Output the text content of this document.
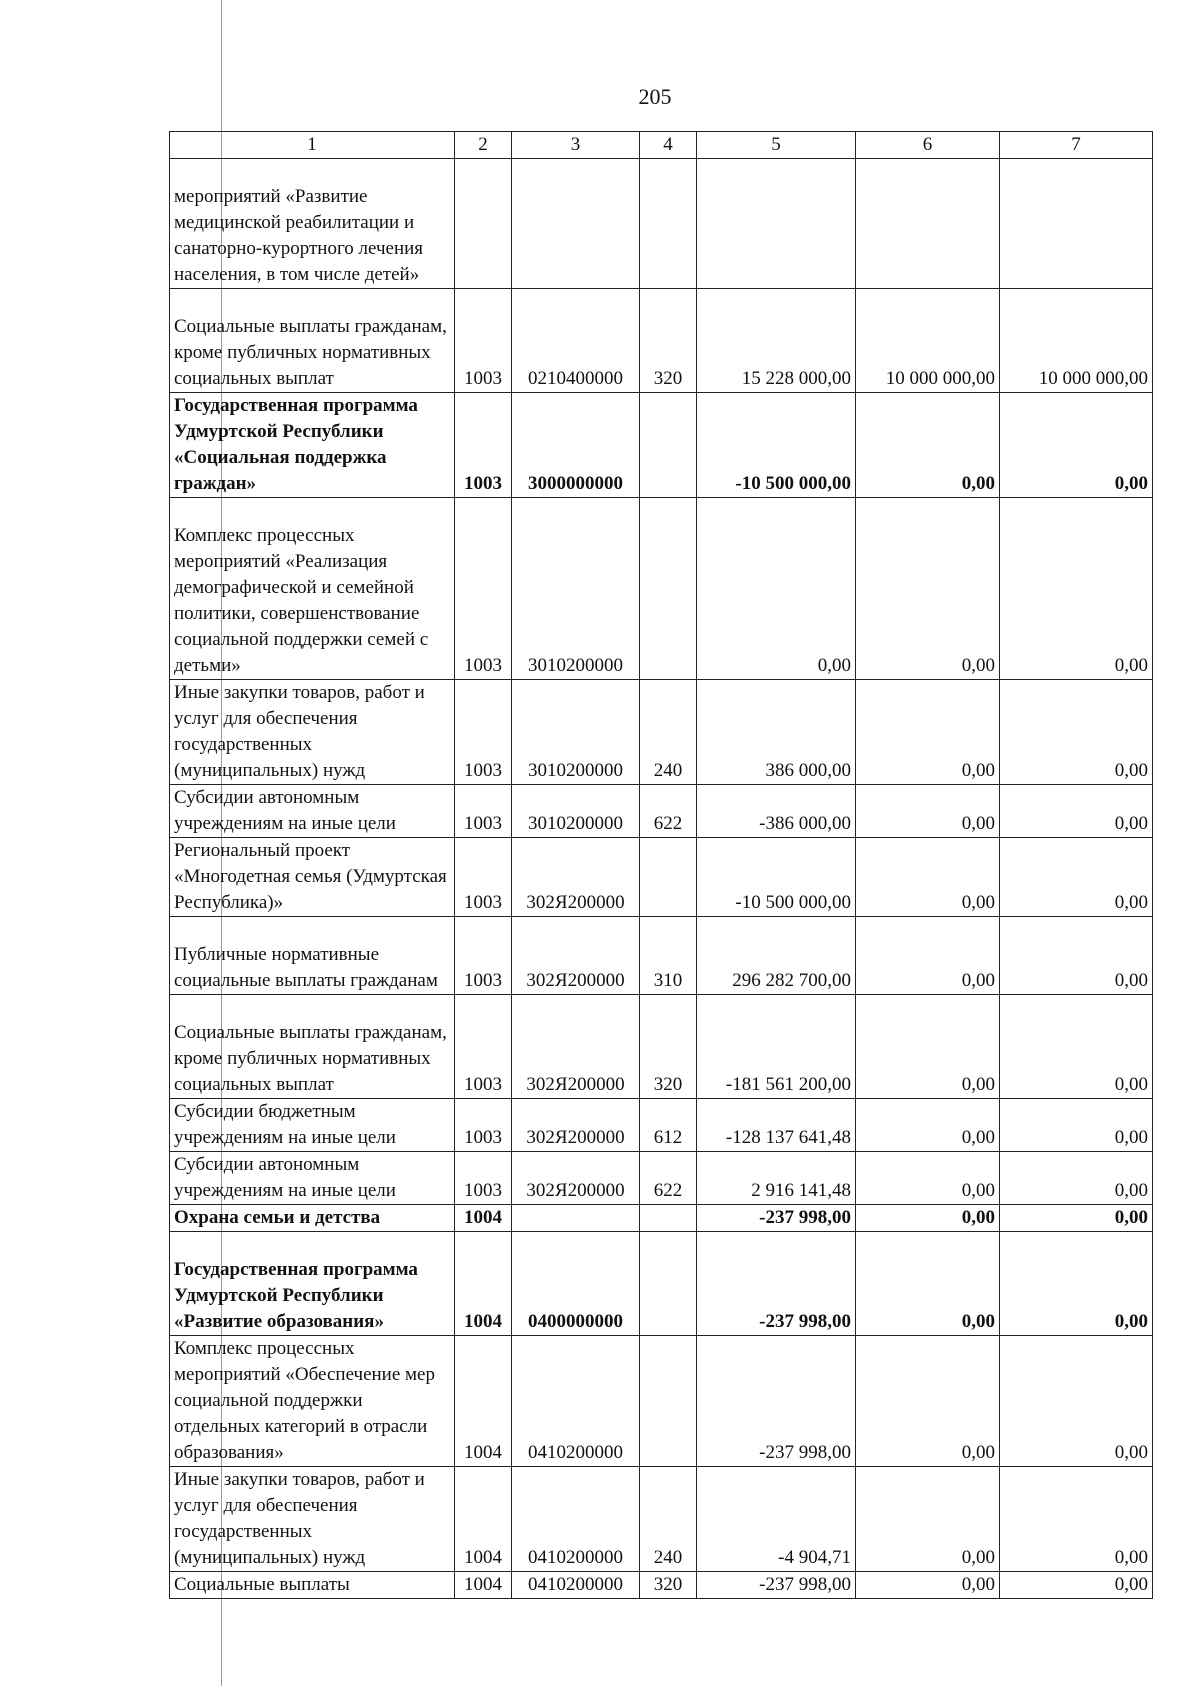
205
1	2	3	4	5	6	7
мероприятий «Развитие медицинской реабилитации и санаторно-курортного лечения населения, в том числе детей»						
Социальные выплаты гражданам, кроме публичных нормативных социальных выплат	1003	0210400000	320	15 228 000,00	10 000 000,00	10 000 000,00
Государственная программа Удмуртской Республики «Социальная поддержка граждан»	1003	3000000000		-10 500 000,00	0,00	0,00
Комплекс процессных мероприятий «Реализация демографической и семейной политики, совершенствование социальной поддержки семей с детьми»	1003	3010200000		0,00	0,00	0,00
Иные закупки товаров, работ и услуг для обеспечения государственных (муниципальных) нужд	1003	3010200000	240	386 000,00	0,00	0,00
Субсидии автономным учреждениям на иные цели	1003	3010200000	622	-386 000,00	0,00	0,00
Региональный проект «Многодетная семья (Удмуртская Республика)»	1003	302Я200000		-10 500 000,00	0,00	0,00
Публичные нормативные социальные выплаты гражданам	1003	302Я200000	310	296 282 700,00	0,00	0,00
Социальные выплаты гражданам, кроме публичных нормативных социальных выплат	1003	302Я200000	320	-181 561 200,00	0,00	0,00
Субсидии бюджетным учреждениям на иные цели	1003	302Я200000	612	-128 137 641,48	0,00	0,00
Субсидии автономным учреждениям на иные цели	1003	302Я200000	622	2 916 141,48	0,00	0,00
Охрана семьи и детства	1004			-237 998,00	0,00	0,00
Государственная программа Удмуртской Республики «Развитие образования»	1004	0400000000		-237 998,00	0,00	0,00
Комплекс процессных мероприятий «Обеспечение мер социальной поддержки отдельных категорий в отрасли образования»	1004	0410200000		-237 998,00	0,00	0,00
Иные закупки товаров, работ и услуг для обеспечения государственных (муниципальных) нужд	1004	0410200000	240	-4 904,71	0,00	0,00
Социальные выплаты	1004	0410200000	320	-237 998,00	0,00	0,00
